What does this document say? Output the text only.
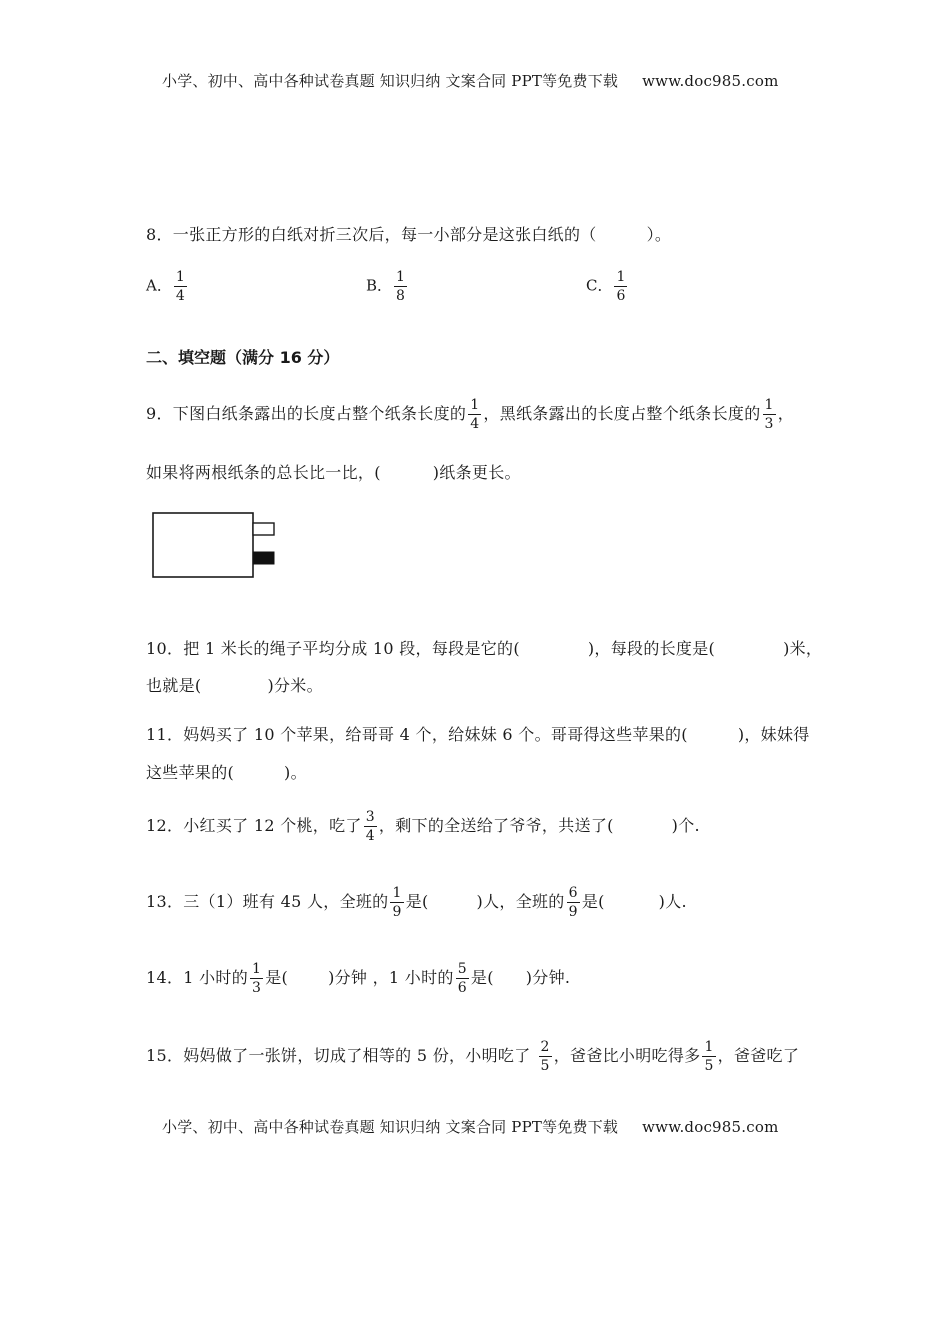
小学、初中、高中各种试卷真题 知识归纳 文案合同 PPT等免费下载 www.doc985.com
8．一张正方形的白纸对折三次后，每一小部分是这张白纸的（	）。
A． $\frac{1}{4}$	B． $\frac{1}{8}$	C． $\frac{1}{6}$
二、填空题（满分 16 分）
9．下图白纸条露出的长度占整个纸条长度的 $\frac{1}{4}$ ，黑纸条露出的长度占整个纸条长度的 $\frac{1}{3}$ ，
如果将两根纸条的总长比一比，(	)纸条更长。
10．把 1 米长的绳子平均分成 10 段，每段是它的(	)，每段的长度是(	)米，
也就是(	)分米。
11．妈妈买了 10 个苹果，给哥哥 4 个，给妹妹 6 个。哥哥得这些苹果的(	)，妹妹得
这些苹果的(	)。
12．小红买了 12 个桃，吃了 $\frac{3}{4}$ ，剩下的全送给了爷爷，共送了(	)个.
13．三（1）班有 45 人，全班的 $\frac{1}{9}$ 是(	)人，全班的 $\frac{6}{9}$ 是(	)人.
14．1 小时的 $\frac{1}{3}$ 是(	)分钟 ，1 小时的 $\frac{5}{6}$ 是( )分钟.
15．妈妈做了一张饼，切成了相等的 5 份，小明吃了 $\frac{2}{5}$ ，爸爸比小明吃得多 $\frac{1}{5}$ ，爸爸吃了
小学、初中、高中各种试卷真题 知识归纳 文案合同 PPT等免费下载 www.doc985.com
